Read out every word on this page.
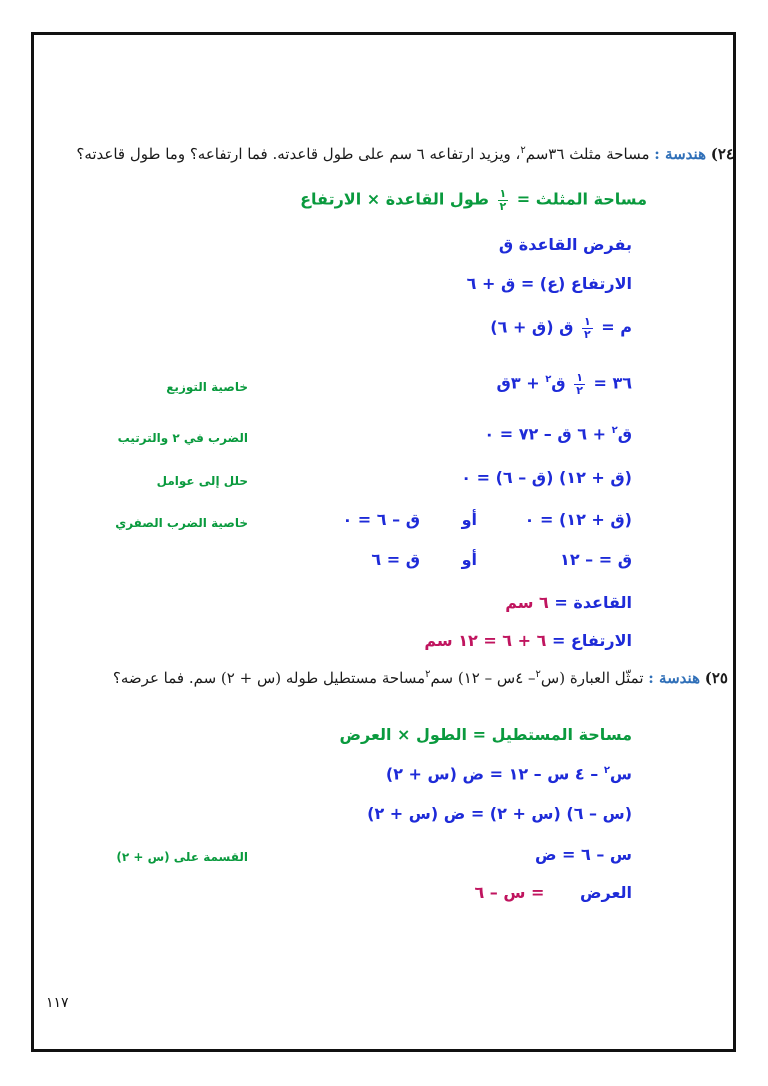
٢٤) هندسة : مساحة مثلث ٣٦سم$^٢$، ويزيد ارتفاعه ٦ سم على طول قاعدته. فما ارتفاعه؟ وما طول قاعدته؟
مساحة المثلث =
$\frac{١}{٢}$
طول القاعدة × الارتفاع
بفرض القاعدة ق
الارتفاع (ع) = ق + ٦
م =
$\frac{١}{٢}$
ق (ق + ٦)
٣٦ =
$\frac{١}{٢}$
ق$^٢$ + ٣ق
خاصية التوزيع
ق$^٢$ + ٦ ق – ٧٢ = ٠
الضرب في ٢ والترتيب
(ق + ١٢) (ق – ٦) = ٠
حلل إلى عوامل
(ق + ١٢) = ٠
أو
ق – ٦ = ٠
خاصية الضرب الصفري
ق = – ١٢
أو
ق = ٦
القاعدة = ٦ سم
الارتفاع = ٦ + ٦ = ١٢ سم
٢٥) هندسة : تمثّل العبارة (س$^٢$– ٤س – ١٢) سم$^٢$مساحة مستطيل طوله (س + ٢) سم. فما عرضه؟
مساحة المستطيل = الطول × العرض
س$^٢$ – ٤ س – ١٢ = ض (س + ٢)
(س – ٦) (س + ٢) = ض (س + ٢)
س – ٦ = ض
القسمة على (س + ٢)
العرض = س – ٦
١١٧
